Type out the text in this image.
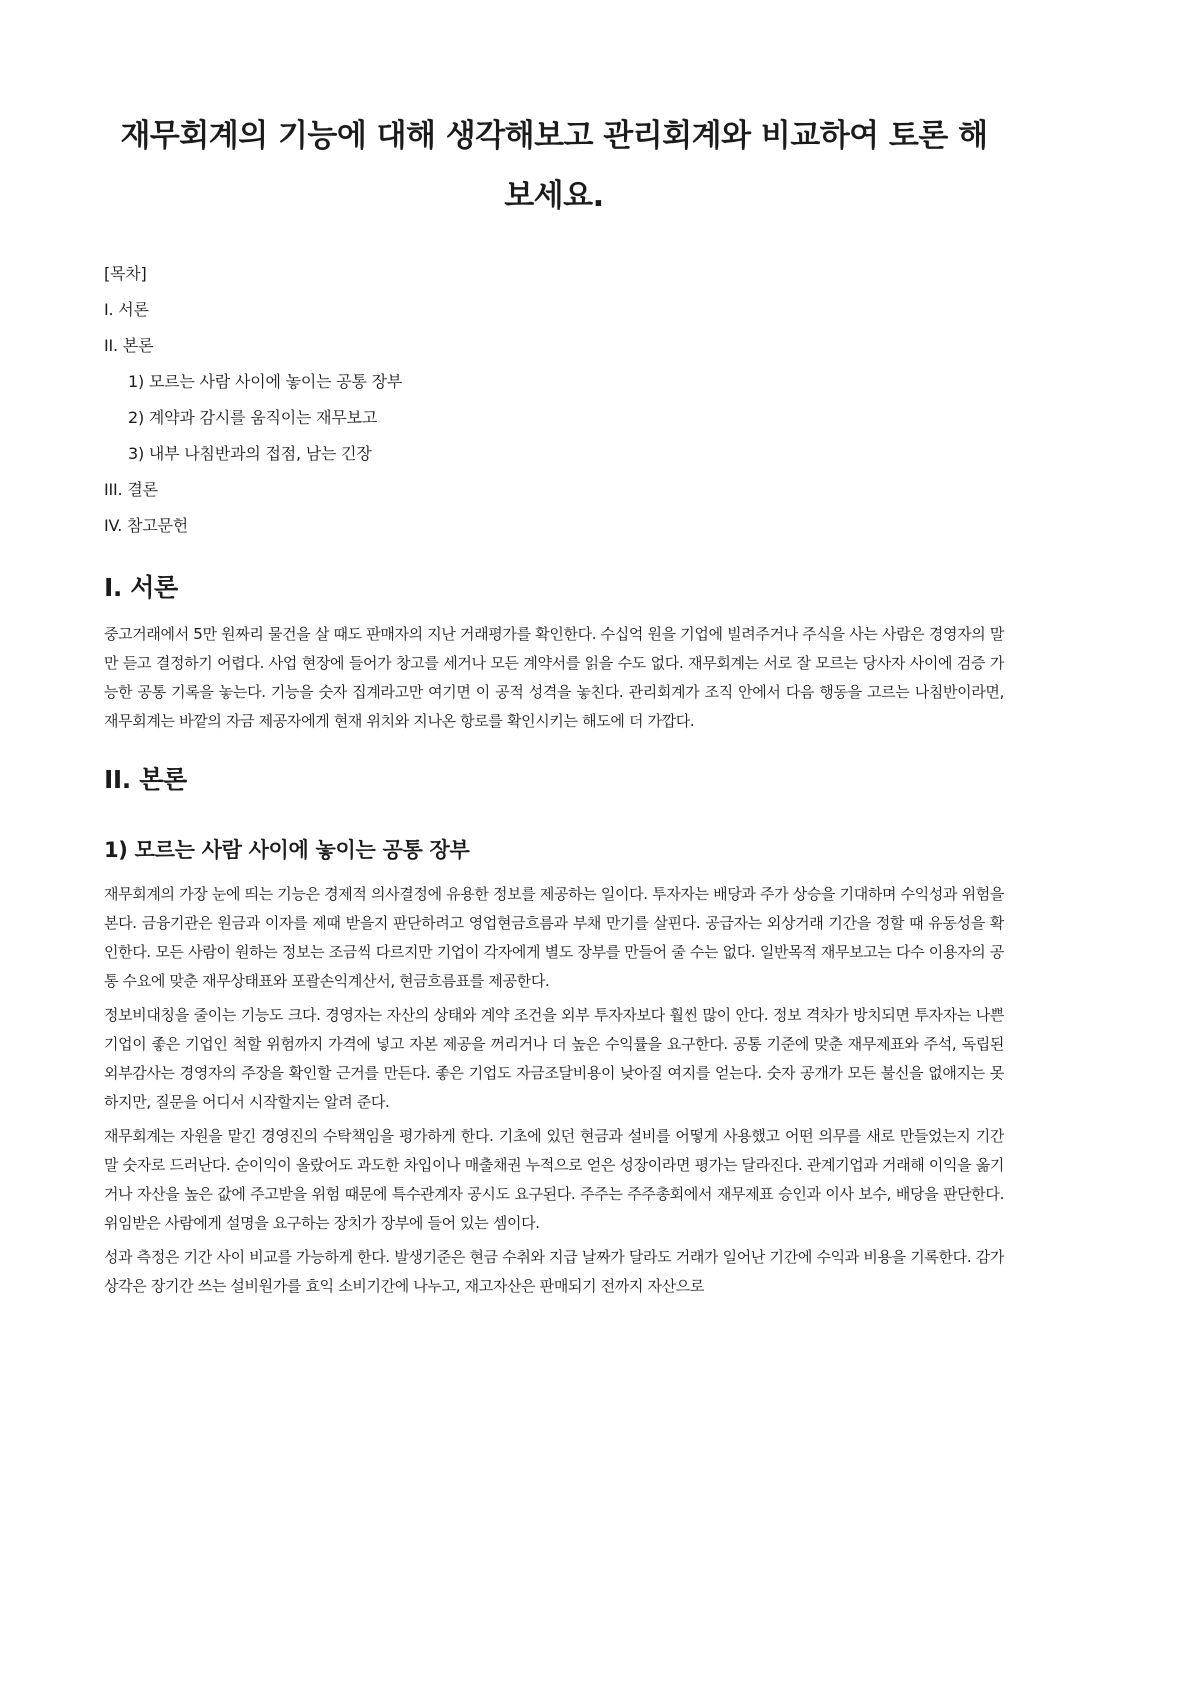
재무회계의 기능에 대해 생각해보고 관리회계와 비교하여 토론 해 보세요.
[목차]
I. 서론
II. 본론
1) 모르는 사람 사이에 놓이는 공통 장부
2) 계약과 감시를 움직이는 재무보고
3) 내부 나침반과의 접점, 남는 긴장
III. 결론
IV. 참고문헌
I. 서론

중고거래에서 5만 원짜리 물건을 살 때도 판매자의 지난 거래평가를 확인한다. 수십억 원을 기업에 빌려주거나 주식을 사는 사람은 경영자의 말만 듣고 결정하기 어렵다. 사업 현장에 들어가 창고를 세거나 모든 계약서를 읽을 수도 없다. 재무회계는 서로 잘 모르는 당사자 사이에 검증 가능한 공통 기록을 놓는다. 기능을 숫자 집계라고만 여기면 이 공적 성격을 놓친다. 관리회계가 조직 안에서 다음 행동을 고르는 나침반이라면, 재무회계는 바깥의 자금 제공자에게 현재 위치와 지나온 항로를 확인시키는 해도에 더 가깝다.

II. 본론
1) 모르는 사람 사이에 놓이는 공통 장부

재무회계의 가장 눈에 띄는 기능은 경제적 의사결정에 유용한 정보를 제공하는 일이다. 투자자는 배당과 주가 상승을 기대하며 수익성과 위험을 본다. 금융기관은 원금과 이자를 제때 받을지 판단하려고 영업현금흐름과 부채 만기를 살핀다. 공급자는 외상거래 기간을 정할 때 유동성을 확인한다. 모든 사람이 원하는 정보는 조금씩 다르지만 기업이 각자에게 별도 장부를 만들어 줄 수는 없다. 일반목적 재무보고는 다수 이용자의 공통 수요에 맞춘 재무상태표와 포괄손익계산서, 현금흐름표를 제공한다.

정보비대칭을 줄이는 기능도 크다. 경영자는 자산의 상태와 계약 조건을 외부 투자자보다 훨씬 많이 안다. 정보 격차가 방치되면 투자자는 나쁜 기업이 좋은 기업인 척할 위험까지 가격에 넣고 자본 제공을 꺼리거나 더 높은 수익률을 요구한다. 공통 기준에 맞춘 재무제표와 주석, 독립된 외부감사는 경영자의 주장을 확인할 근거를 만든다. 좋은 기업도 자금조달비용이 낮아질 여지를 얻는다. 숫자 공개가 모든 불신을 없애지는 못하지만, 질문을 어디서 시작할지는 알려 준다.

재무회계는 자원을 맡긴 경영진의 수탁책임을 평가하게 한다. 기초에 있던 현금과 설비를 어떻게 사용했고 어떤 의무를 새로 만들었는지 기간 말 숫자로 드러난다. 순이익이 올랐어도 과도한 차입이나 매출채권 누적으로 얻은 성장이라면 평가는 달라진다. 관계기업과 거래해 이익을 옮기거나 자산을 높은 값에 주고받을 위험 때문에 특수관계자 공시도 요구된다. 주주는 주주총회에서 재무제표 승인과 이사 보수, 배당을 판단한다. 위임받은 사람에게 설명을 요구하는 장치가 장부에 들어 있는 셈이다.

성과 측정은 기간 사이 비교를 가능하게 한다. 발생기준은 현금 수취와 지급 날짜가 달라도 거래가 일어난 기간에 수익과 비용을 기록한다. 감가상각은 장기간 쓰는 설비원가를 효익 소비기간에 나누고, 재고자산은 판매되기 전까지 자산으로
